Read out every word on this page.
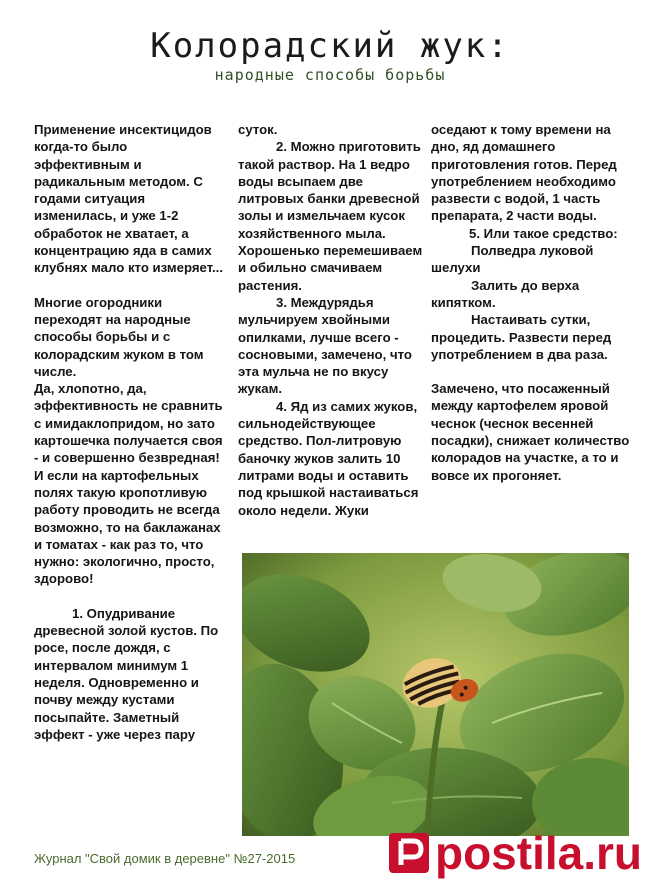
Колорадский жук:
народные способы борьбы

Применение инсектицидов когда-то было эффективным и радикальным методом. С годами ситуация изменилась, и уже 1-2 обработок не хватает, а концентрацию яда в самих клубнях мало кто измеряет...

Многие огородники переходят на народные способы борьбы и с колорадским жуком в том числе.

Да, хлопотно, да, эффективность не сравнить с имидаклопридом, но зато картошечка получается своя - и совершенно безвредная!

И если на картофельных полях такую кропотливую работу проводить не всегда возможно, то на баклажанах и томатах - как раз то, что нужно: экологично, просто, здорово!

1. Опудривание древесной золой кустов. По росе, после дождя, с интервалом минимум 1 неделя. Одновременно и почву между кустами посыпайте. Заметный эффект - уже через пару

суток.

2. Можно приготовить такой раствор. На 1 ведро воды всыпаем две литровых банки древесной золы и измельчаем кусок хозяйственного мыла. Хорошенько перемешиваем и обильно смачиваем растения.

3. Междурядья мульчируем хвойными опилками, лучше всего - сосновыми, замечено, что эта мульча не по вкусу жукам.

4. Яд из самих жуков, сильнодействующее средство. Пол-литровую баночку жуков залить 10 литрами воды и оставить под крышкой настаиваться около недели. Жуки

оседают к тому времени на дно, яд домашнего приготовления готов. Перед употреблением необходимо развести с водой, 1 часть препарата, 2 части воды.

5. Или такое средство:

Полведра луковой шелухи

Залить до верха кипятком.

Настаивать сутки, процедить. Развести перед употреблением в два раза.

Замечено, что посаженный между картофелем яровой чеснок (чеснок весенней посадки), снижает количество колорадов на участке, а то и вовсе их прогоняет.

Журнал "Свой домик в деревне" №27-2015	postila.ru
